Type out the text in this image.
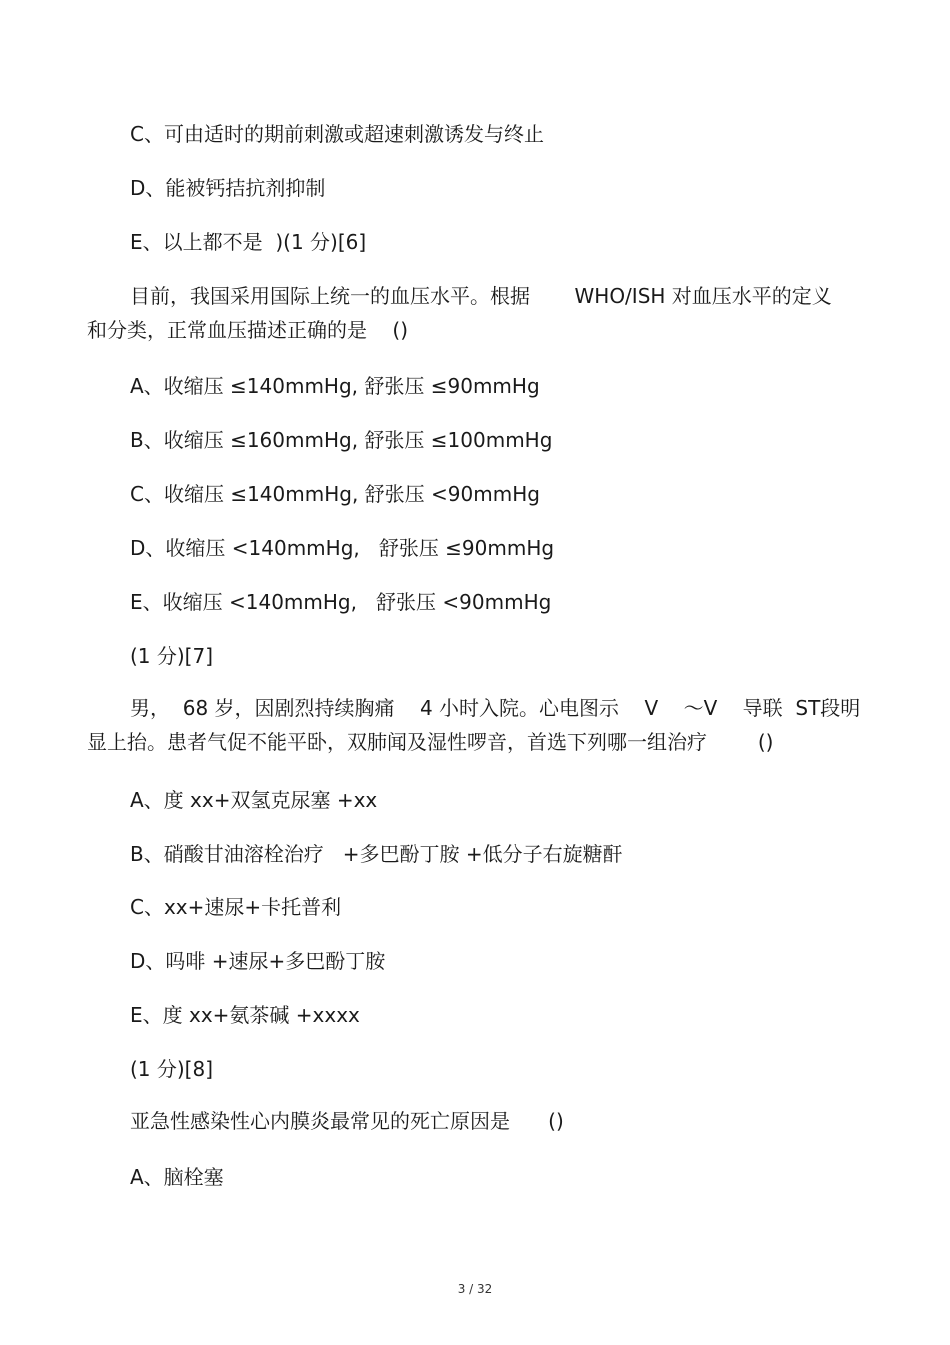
C、可由适时的期前刺激或超速刺激诱发与终止

D、能被钙拮抗剂抑制

E、以上都不是  )(1 分)[6]

目前，我国采用国际上统一的血压水平。根据       WHO/ISH 对血压水平的定义

和分类，正常血压描述正确的是    ()

A、收缩压 ≤140mmHg, 舒张压 ≤90mmHg

B、收缩压 ≤160mmHg, 舒张压 ≤100mmHg

C、收缩压 ≤140mmHg, 舒张压 <90mmHg

D、收缩压 <140mmHg,   舒张压 ≤90mmHg

E、收缩压 <140mmHg,   舒张压 <90mmHg

(1 分)[7]

男，  68 岁，因剧烈持续胸痛    4 小时入院。心电图示    V    ～V    导联  ST段明

显上抬。患者气促不能平卧，双肺闻及湿性啰音，首选下列哪一组治疗        ()

A、度 xx+双氢克尿塞 +xx

B、硝酸甘油溶栓治疗   +多巴酚丁胺 +低分子右旋糖酐

C、xx+速尿+卡托普利

D、吗啡 +速尿+多巴酚丁胺

E、度 xx+氨茶碱 +xxxx

(1 分)[8]

亚急性感染性心内膜炎最常见的死亡原因是      ()

A、脑栓塞

3 / 32
